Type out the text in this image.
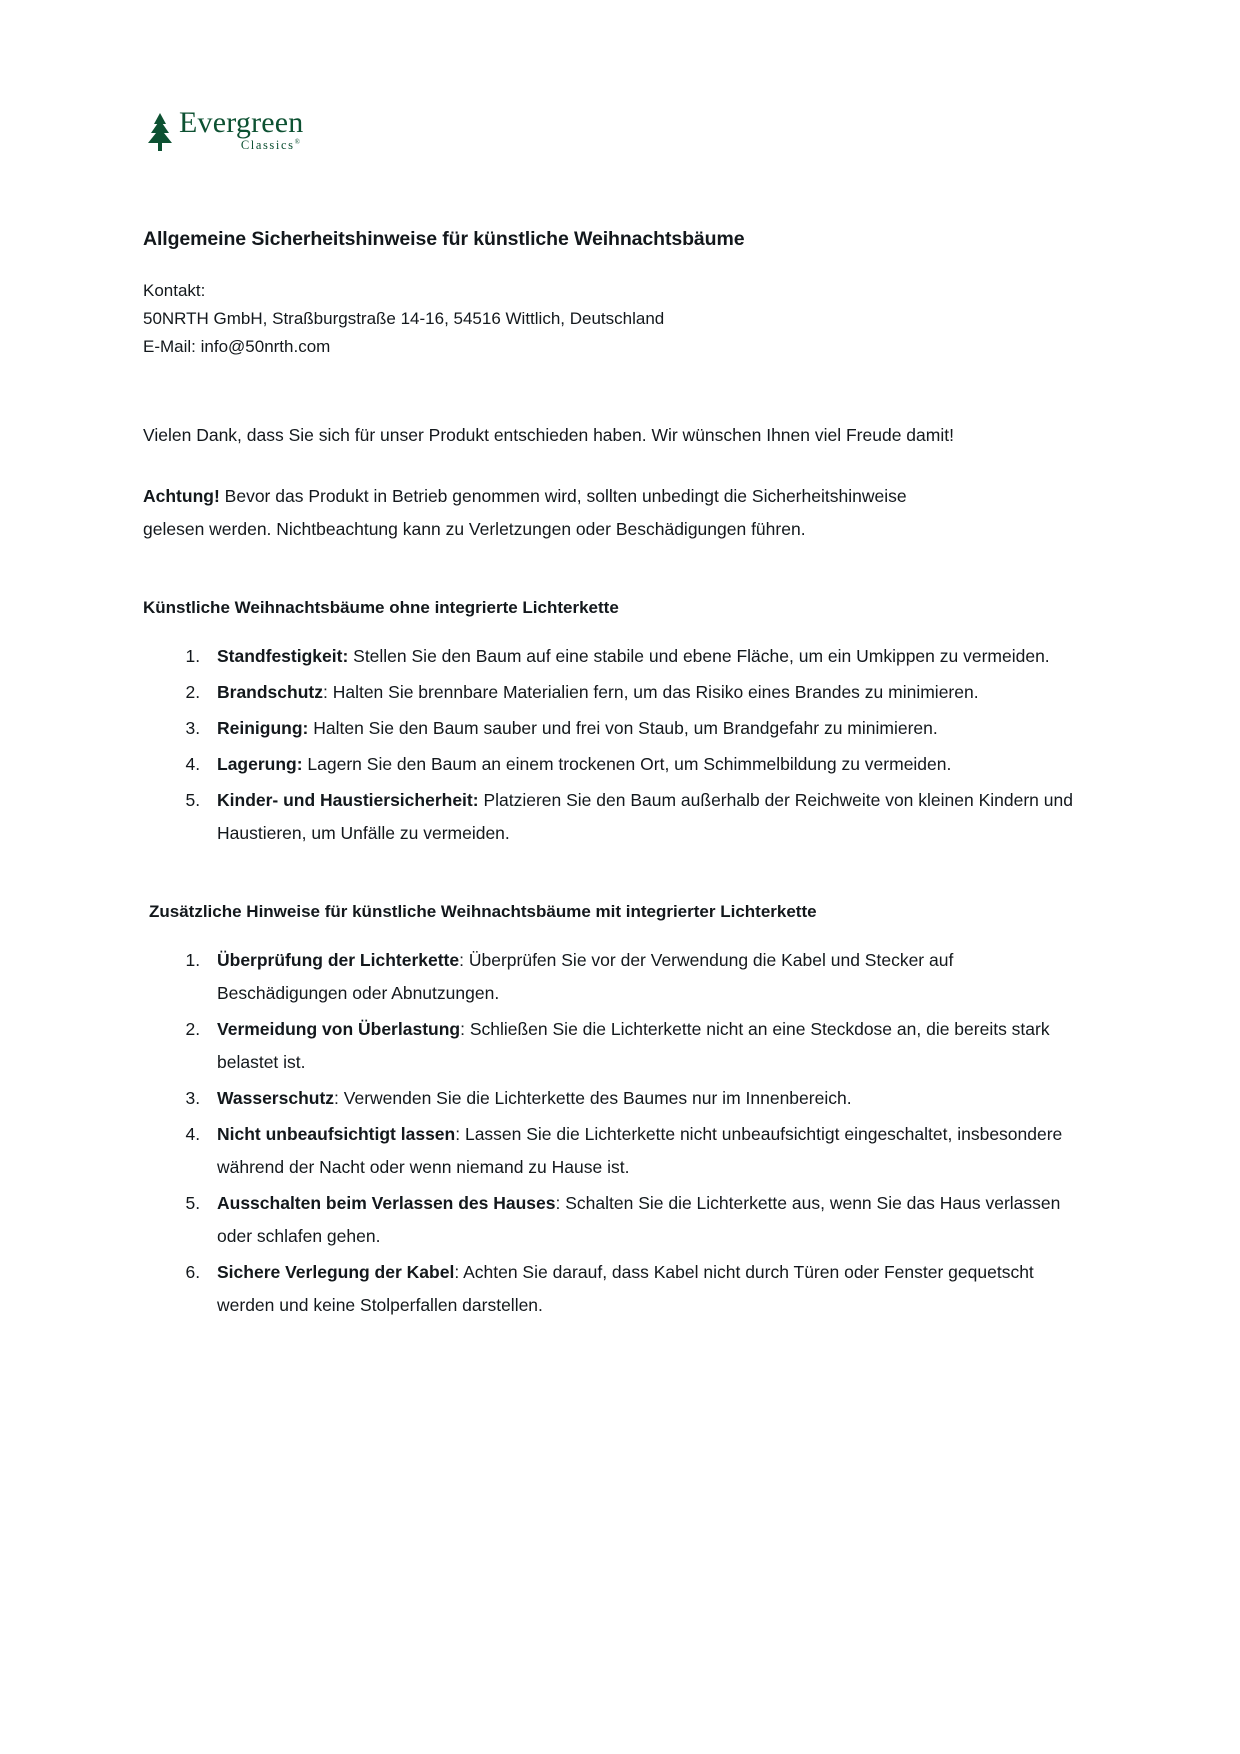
Evergreen
Classics®
Allgemeine Sicherheitshinweise für künstliche Weihnachtsbäume
Kontakt:
50NRTH GmbH, Straßburgstraße 14-16, 54516 Wittlich, Deutschland
E-Mail: info@50nrth.com

Vielen Dank, dass Sie sich für unser Produkt entschieden haben. Wir wünschen Ihnen viel Freude damit!

Achtung! Bevor das Produkt in Betrieb genommen wird, sollten unbedingt die Sicherheitshinweise gelesen werden. Nichtbeachtung kann zu Verletzungen oder Beschädigungen führen.

Künstliche Weihnachtsbäume ohne integrierte Lichterkette
1. Standfestigkeit: Stellen Sie den Baum auf eine stabile und ebene Fläche, um ein Umkippen zu vermeiden.
2. Brandschutz: Halten Sie brennbare Materialien fern, um das Risiko eines Brandes zu minimieren.
3. Reinigung: Halten Sie den Baum sauber und frei von Staub, um Brandgefahr zu minimieren.
4. Lagerung: Lagern Sie den Baum an einem trockenen Ort, um Schimmelbildung zu vermeiden.
5. Kinder- und Haustiersicherheit: Platzieren Sie den Baum außerhalb der Reichweite von kleinen Kindern und Haustieren, um Unfälle zu vermeiden.
Zusätzliche Hinweise für künstliche Weihnachtsbäume mit integrierter Lichterkette
1. Überprüfung der Lichterkette: Überprüfen Sie vor der Verwendung die Kabel und Stecker auf Beschädigungen oder Abnutzungen.
2. Vermeidung von Überlastung: Schließen Sie die Lichterkette nicht an eine Steckdose an, die bereits stark belastet ist.
3. Wasserschutz: Verwenden Sie die Lichterkette des Baumes nur im Innenbereich.
4. Nicht unbeaufsichtigt lassen: Lassen Sie die Lichterkette nicht unbeaufsichtigt eingeschaltet, insbesondere während der Nacht oder wenn niemand zu Hause ist.
5. Ausschalten beim Verlassen des Hauses: Schalten Sie die Lichterkette aus, wenn Sie das Haus verlassen oder schlafen gehen.
6. Sichere Verlegung der Kabel: Achten Sie darauf, dass Kabel nicht durch Türen oder Fenster gequetscht werden und keine Stolperfallen darstellen.
